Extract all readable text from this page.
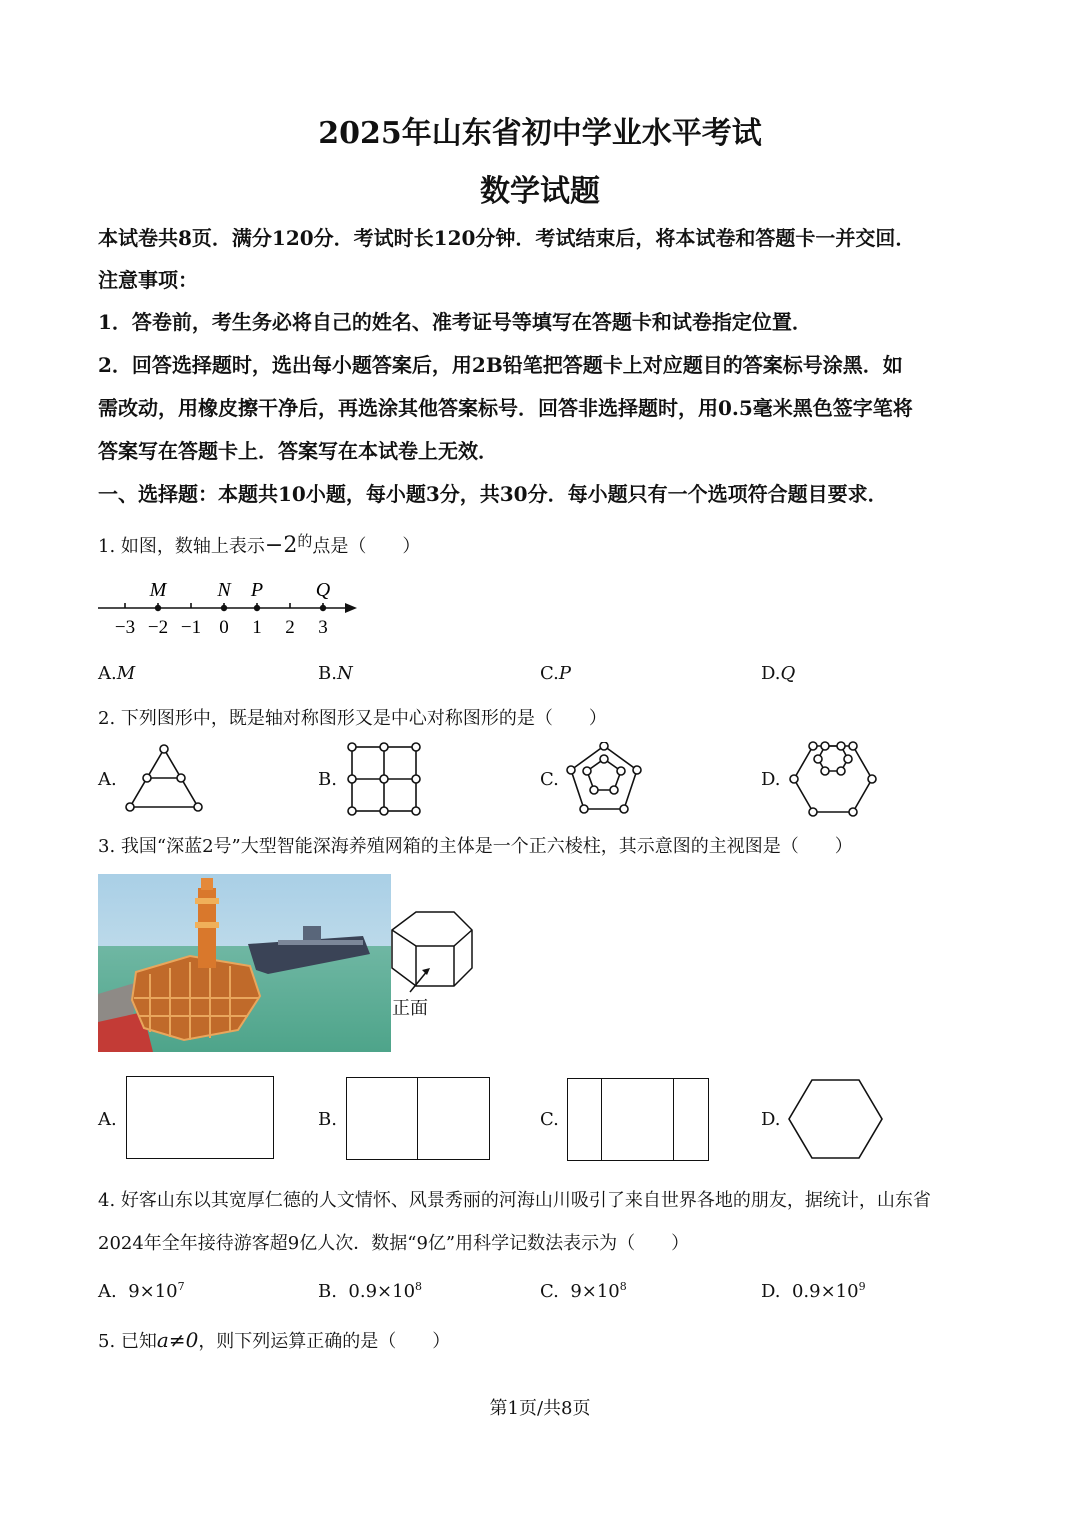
2025年山东省初中学业水平考试
数学试题
本试卷共8页．满分120分．考试时长120分钟．考试结束后，将本试卷和答题卡一并交回．
注意事项：
1．答卷前，考生务必将自己的姓名、准考证号等填写在答题卡和试卷指定位置．
2．回答选择题时，选出每小题答案后，用2B铅笔把答题卡上对应题目的答案标号涂黑．如
需改动，用橡皮擦干净后，再选涂其他答案标号．回答非选择题时，用0.5毫米黑色签字笔将
答案写在答题卡上．答案写在本试卷上无效．
一、选择题：本题共10小题，每小题3分，共30分．每小题只有一个选项符合题目要求．
1. 如图，数轴上表示$-2^的$点是（　　）
−3 −2 −1 0 1 2 3
M	N P	Q
A.M	B.N	C.P	D.Q
2. 下列图形中，既是轴对称图形又是中心对称图形的是（　　）
A.	B.	C.	D.
3. 我国“深蓝2号”大型智能深海养殖网箱的主体是一个正六棱柱，其示意图的主视图是（　　）
正面
A.	B.	C.	D.
4. 好客山东以其宽厚仁德的人文情怀、风景秀丽的河海山川吸引了来自世界各地的朋友，据统计，山东省
2024年全年接待游客超9亿人次．数据“9亿”用科学记数法表示为（　　）
A. $9\times 10^7$	B. $0.9\times 10^8$	C. $9\times 10^8$	D. $0.9\times 10^9$
5. 已知a≠0，则下列运算正确的是（　　）
第1页/共8页
